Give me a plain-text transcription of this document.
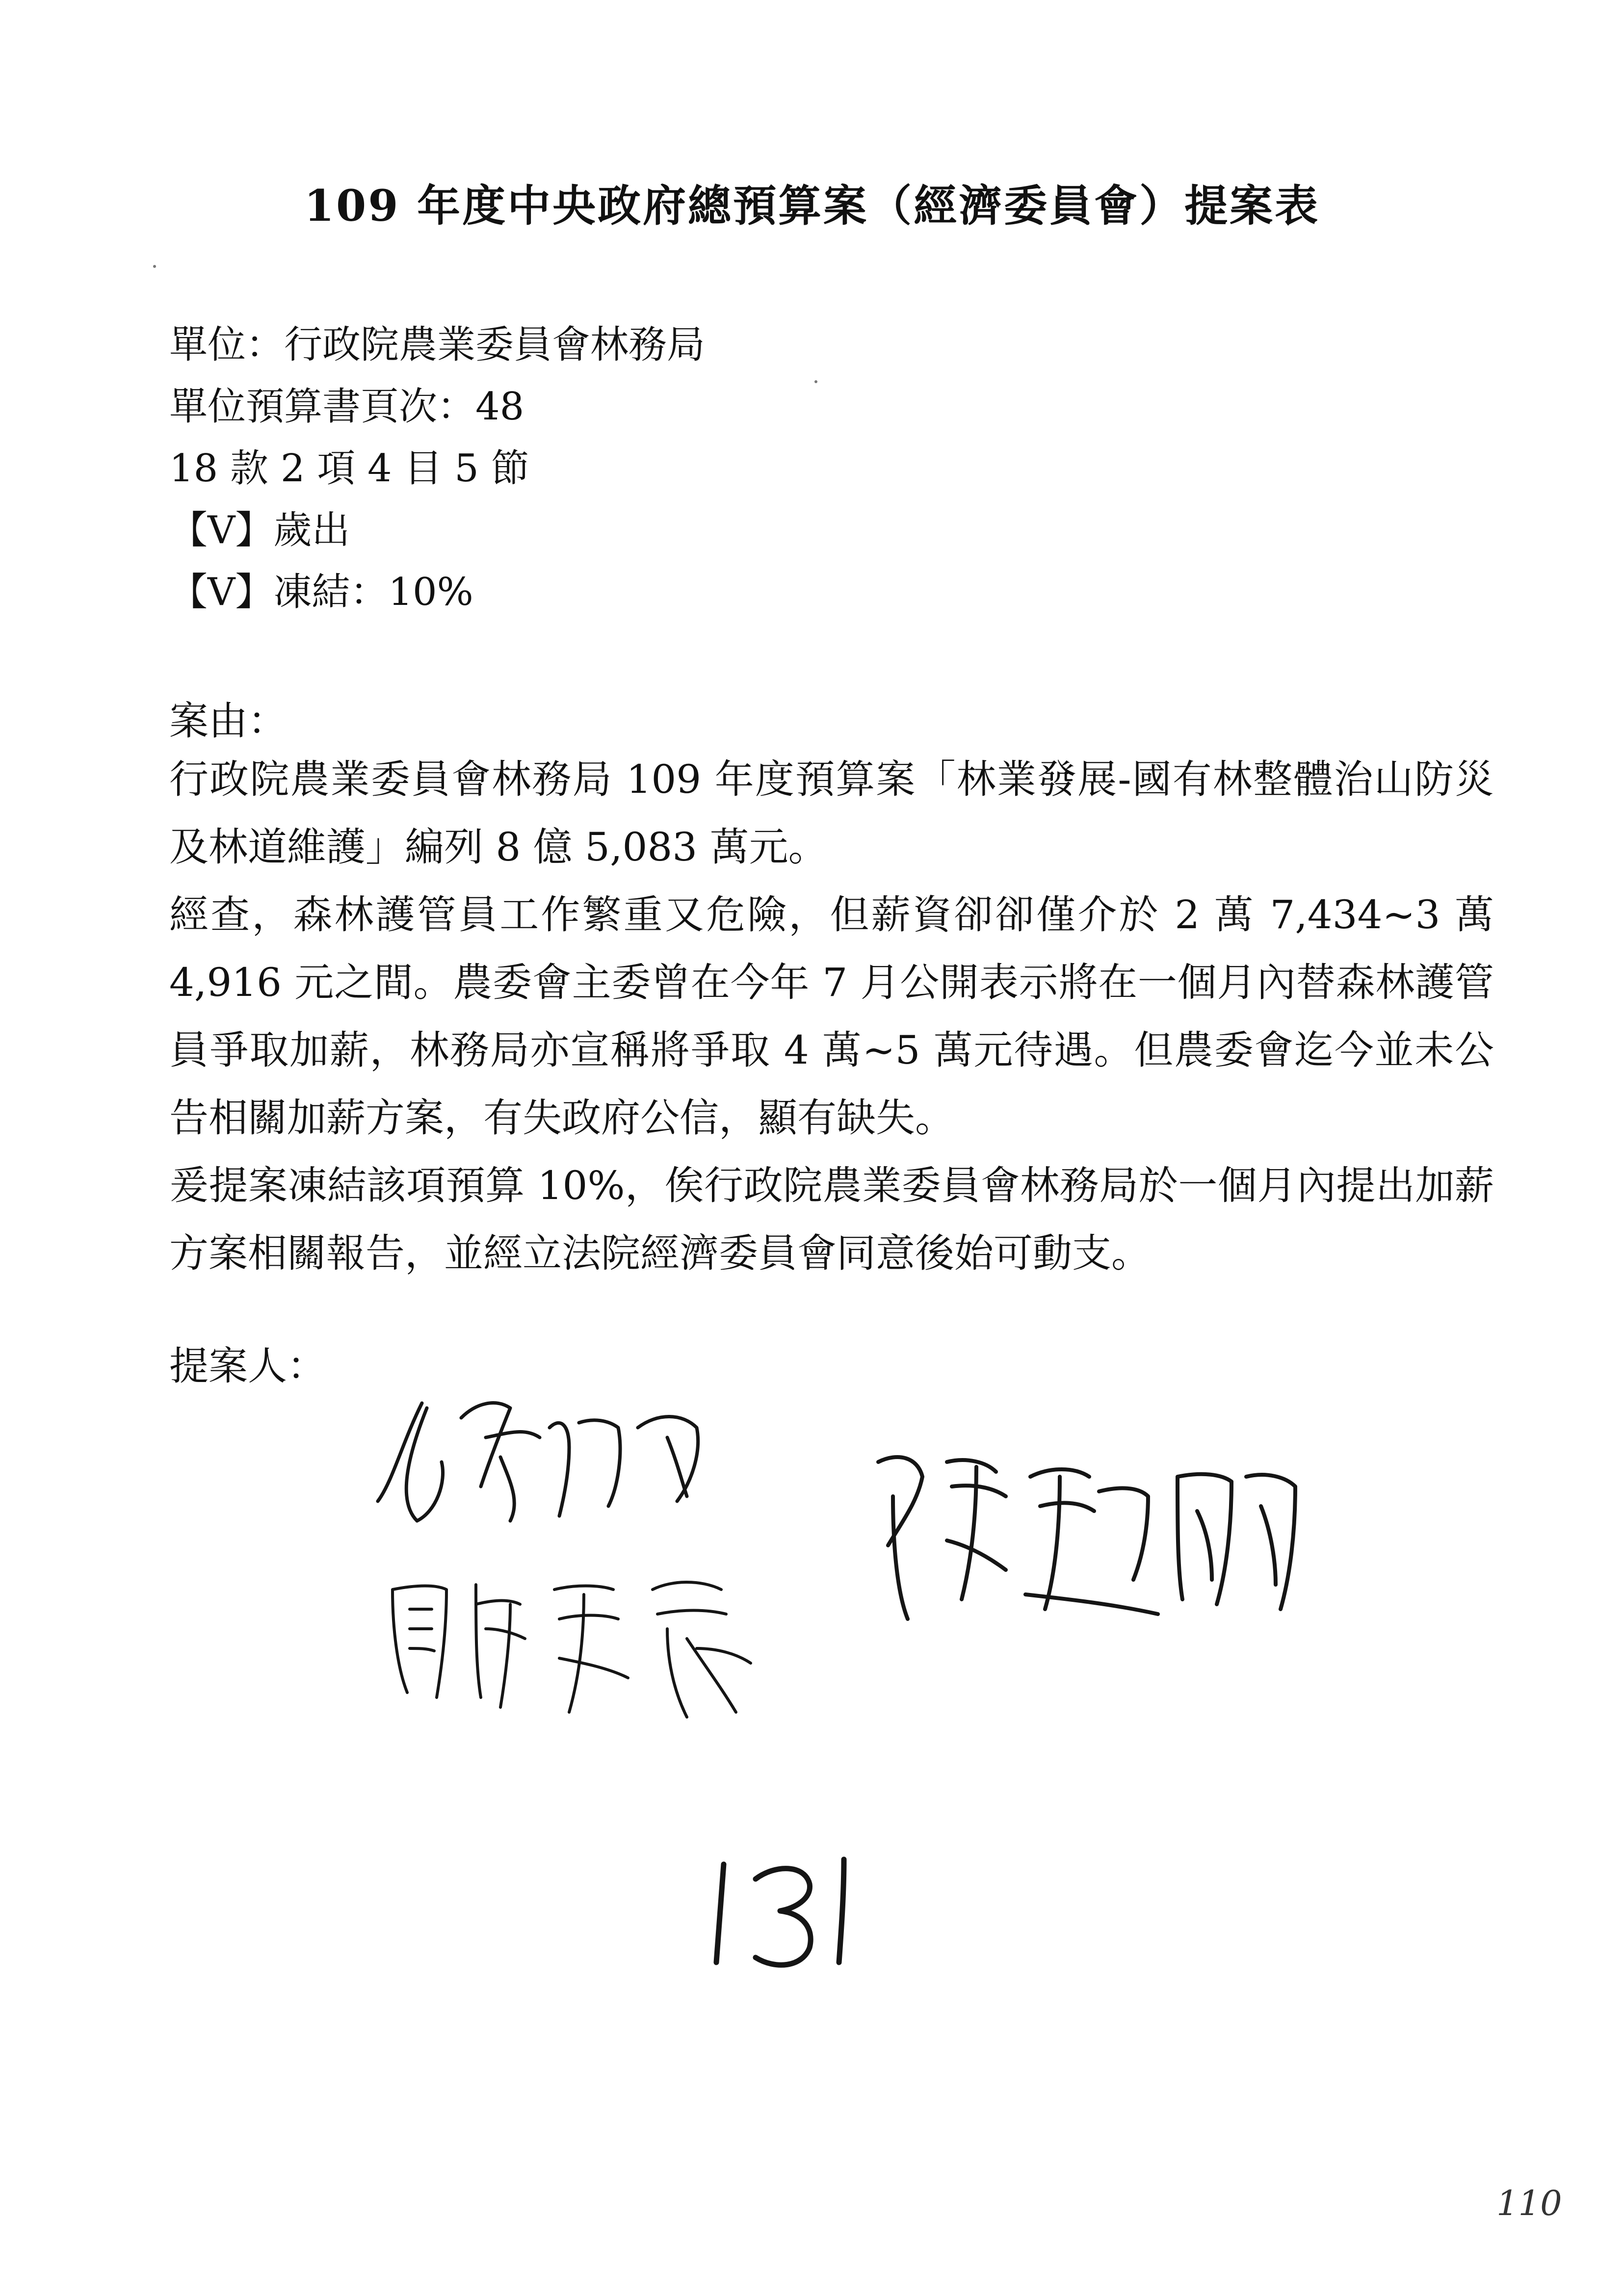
109 年度中央政府總預算案（經濟委員會）提案表
單位：行政院農業委員會林務局
單位預算書頁次：48
18 款 2 項 4 目 5 節
【V】歲出
【V】凍結：10%
案由：

行政院農業委員會林務局 109 年度預算案「林業發展-國有林整體治山防災及林道維護」編列 8 億 5,083 萬元。

經查，森林護管員工作繁重又危險，但薪資卻卻僅介於 2 萬 7,434~3 萬 4,916 元之間。農委會主委曾在今年 7 月公開表示將在一個月內替森林護管員爭取加薪，林務局亦宣稱將爭取 4 萬~5 萬元待遇。但農委會迄今並未公告相關加薪方案，有失政府公信，顯有缺失。

爰提案凍結該項預算 10%，俟行政院農業委員會林務局於一個月內提出加薪方案相關報告，並經立法院經濟委員會同意後始可動支。

提案人：
110
